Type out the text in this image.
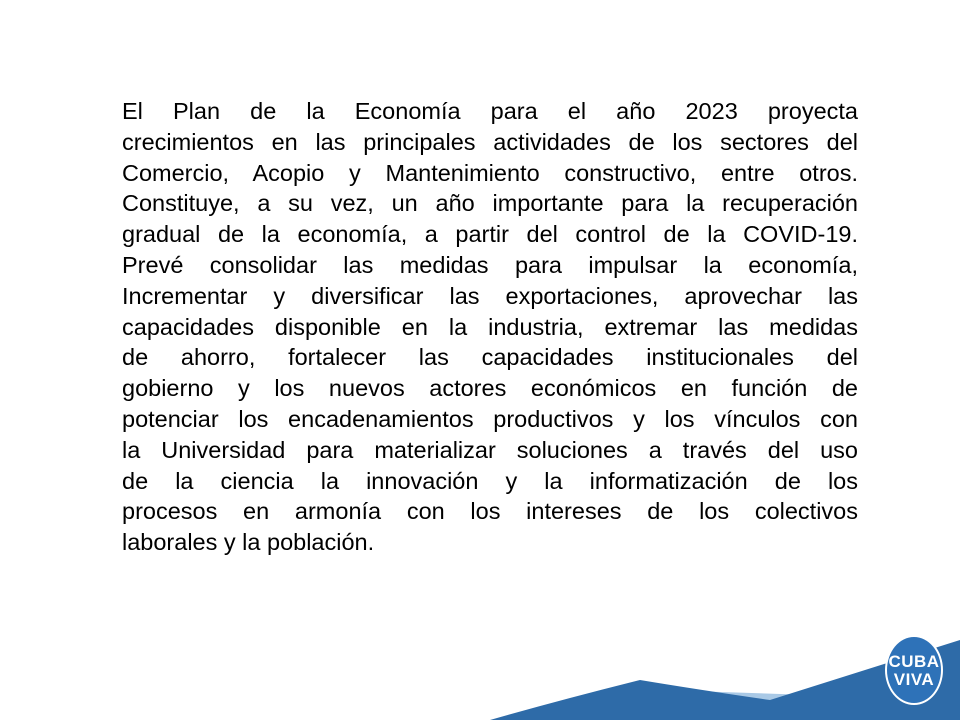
El Plan de la Economía para el año 2023 proyecta
crecimientos en las principales actividades de los sectores del
Comercio, Acopio y Mantenimiento constructivo, entre otros.
Constituye, a su vez, un año importante para la recuperación
gradual de la economía, a partir del control de la COVID-19.
Prevé consolidar las medidas para impulsar la economía,
Incrementar y diversificar las exportaciones, aprovechar las
capacidades disponible en la industria, extremar las medidas
de ahorro, fortalecer las capacidades institucionales del
gobierno y los nuevos actores económicos en función de
potenciar los encadenamientos productivos y los vínculos con
la Universidad para materializar soluciones a través del uso
de la ciencia la innovación y la informatización de los
procesos en armonía con los intereses de los colectivos
laborales y la población.
CUBA
VIVA
